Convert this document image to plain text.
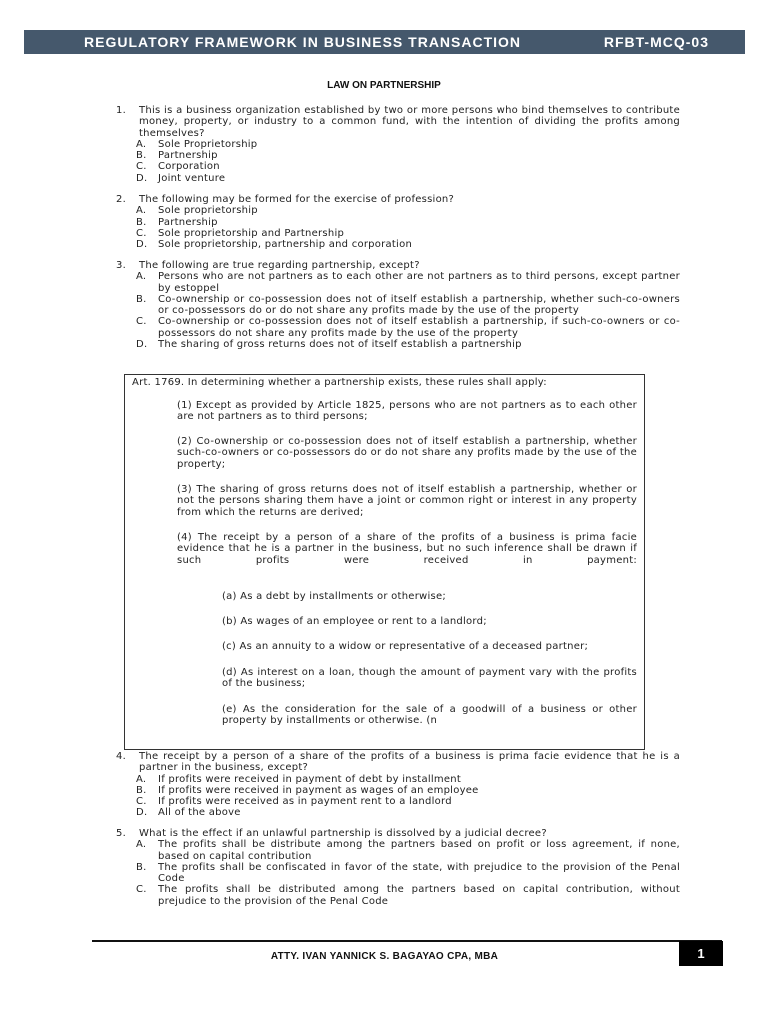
REGULATORY FRAMEWORK IN BUSINESS TRANSACTION	RFBT-MCQ-03
LAW ON PARTNERSHIP
1. This is a business organization established by two or more persons who bind themselves to contribute money, property, or industry to a common fund, with the intention of dividing the profits among themselves?
A. Sole Proprietorship
B. Partnership
C. Corporation
D. Joint venture
2. The following may be formed for the exercise of profession?
A. Sole proprietorship
B. Partnership
C. Sole proprietorship and Partnership
D. Sole proprietorship, partnership and corporation
3. The following are true regarding partnership, except?
A. Persons who are not partners as to each other are not partners as to third persons, except partner by estoppel
B. Co-ownership or co-possession does not of itself establish a partnership, whether such-co-owners or co-possessors do or do not share any profits made by the use of the property
C. Co-ownership or co-possession does not of itself establish a partnership, if such-co-owners or co-possessors do not share any profits made by the use of the property
D. The sharing of gross returns does not of itself establish a partnership
Art. 1769. In determining whether a partnership exists, these rules shall apply:
(1) Except as provided by Article 1825, persons who are not partners as to each other are not partners as to third persons;
(2) Co-ownership or co-possession does not of itself establish a partnership, whether such-co-owners or co-possessors do or do not share any profits made by the use of the property;
(3) The sharing of gross returns does not of itself establish a partnership, whether or not the persons sharing them have a joint or common right or interest in any property from which the returns are derived;
(4) The receipt by a person of a share of the profits of a business is prima facie evidence that he is a partner in the business, but no such inference shall be drawn if such profits were received in payment:
(a) As a debt by installments or otherwise;
(b) As wages of an employee or rent to a landlord;
(c) As an annuity to a widow or representative of a deceased partner;
(d) As interest on a loan, though the amount of payment vary with the profits of the business;
(e) As the consideration for the sale of a goodwill of a business or other property by installments or otherwise. (n
4. The receipt by a person of a share of the profits of a business is prima facie evidence that he is a partner in the business, except?
A. If profits were received in payment of debt by installment
B. If profits were received in payment as wages of an employee
C. If profits were received as in payment rent to a landlord
D. All of the above
5. What is the effect if an unlawful partnership is dissolved by a judicial decree?
A. The profits shall be distribute among the partners based on profit or loss agreement, if none, based on capital contribution
B. The profits shall be confiscated in favor of the state, with prejudice to the provision of the Penal Code
C. The profits shall be distributed among the partners based on capital contribution, without prejudice to the provision of the Penal Code
ATTY. IVAN YANNICK S. BAGAYAO CPA, MBA	1
